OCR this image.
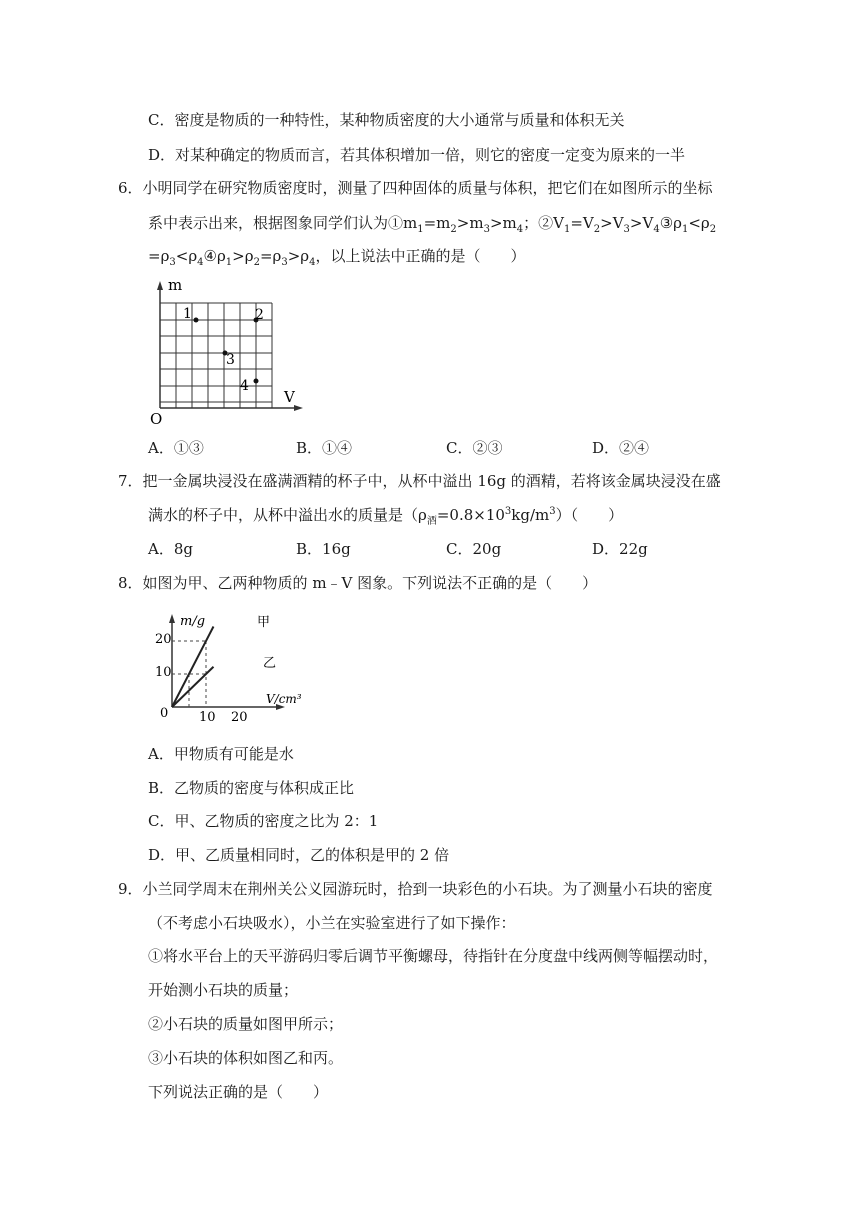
C．密度是物质的一种特性，某种物质密度的大小通常与质量和体积无关
D．对某种确定的物质而言，若其体积增加一倍，则它的密度一定变为原来的一半
6．小明同学在研究物质密度时，测量了四种固体的质量与体积，把它们在如图所示的坐标
系中表示出来，根据图象同学们认为$①m_1=m_2>m_3>m_4$；$②V_1=V_2>V_3>V_4③\rho_1<\rho_2$
$=\rho_3<\rho_4④\rho_1>\rho_2=\rho_3>\rho_4$，以上说法中正确的是（　　）
m
V
O
1	2
3
4
A．①③	B．①④	C．②③	D．②④
7．把一金属块浸没在盛满酒精的杯子中，从杯中溢出 16g 的酒精，若将该金属块浸没在盛
满水的杯子中，从杯中溢出水的质量是$(\rho_酒=0.8\times 10^3kg/m^3)$（　　）
A．8g	B．16g	C．20g	D．22g
8．如图为甲、乙两种物质的 m﹣V 图象。下列说法不正确的是（　　）
m/g
V/cm³
20
10
10 20
0
甲
乙
A．甲物质有可能是水
B．乙物质的密度与体积成正比
C．甲、乙物质的密度之比为 2：1
D．甲、乙质量相同时，乙的体积是甲的 2 倍
9．小兰同学周末在荆州关公义园游玩时，拾到一块彩色的小石块。为了测量小石块的密度
（不考虑小石块吸水），小兰在实验室进行了如下操作：
①将水平台上的天平游码归零后调节平衡螺母，待指针在分度盘中线两侧等幅摆动时，
开始测小石块的质量；
②小石块的质量如图甲所示；
③小石块的体积如图乙和丙。
下列说法正确的是（　　）
